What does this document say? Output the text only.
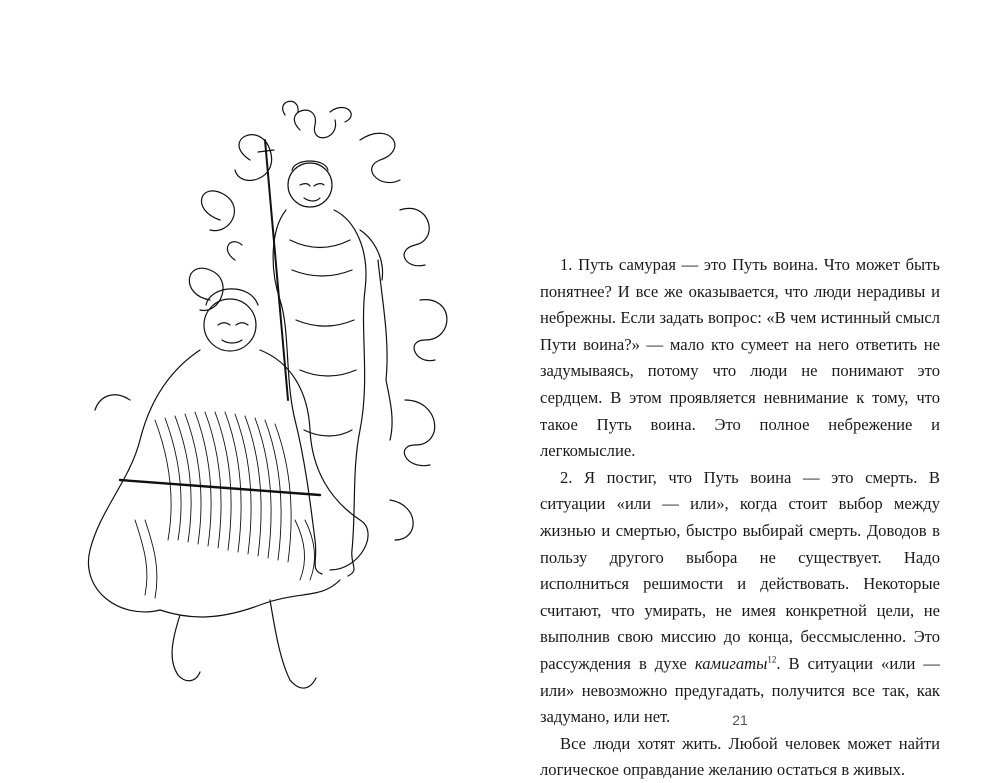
1. Путь самурая — это Путь воина. Что может быть понятнее? И все же оказывается, что люди нерадивы и небрежны. Если задать вопрос: «В чем истинный смысл Пути воина?» — мало кто сумеет на него ответить не задумываясь, потому что люди не понимают это сердцем. В этом проявляется невнимание к тому, что такое Путь воина. Это полное небрежение и легкомыслие.

2. Я постиг, что Путь воина — это смерть. В ситуации «или — или», когда стоит выбор между жизнью и смертью, быстро выбирай смерть. Доводов в пользу другого выбора не существует. Надо исполниться решимости и действовать. Некоторые считают, что умирать, не имея конкретной цели, не выполнив свою миссию до конца, бессмысленно. Это рассуждения в духе камигаты$^{12}$. В ситуации «или — или» невозможно предугадать, получится все так, как задумано, или нет.

Все люди хотят жить. Любой человек может найти логическое оправдание желанию остаться в живых.

21
